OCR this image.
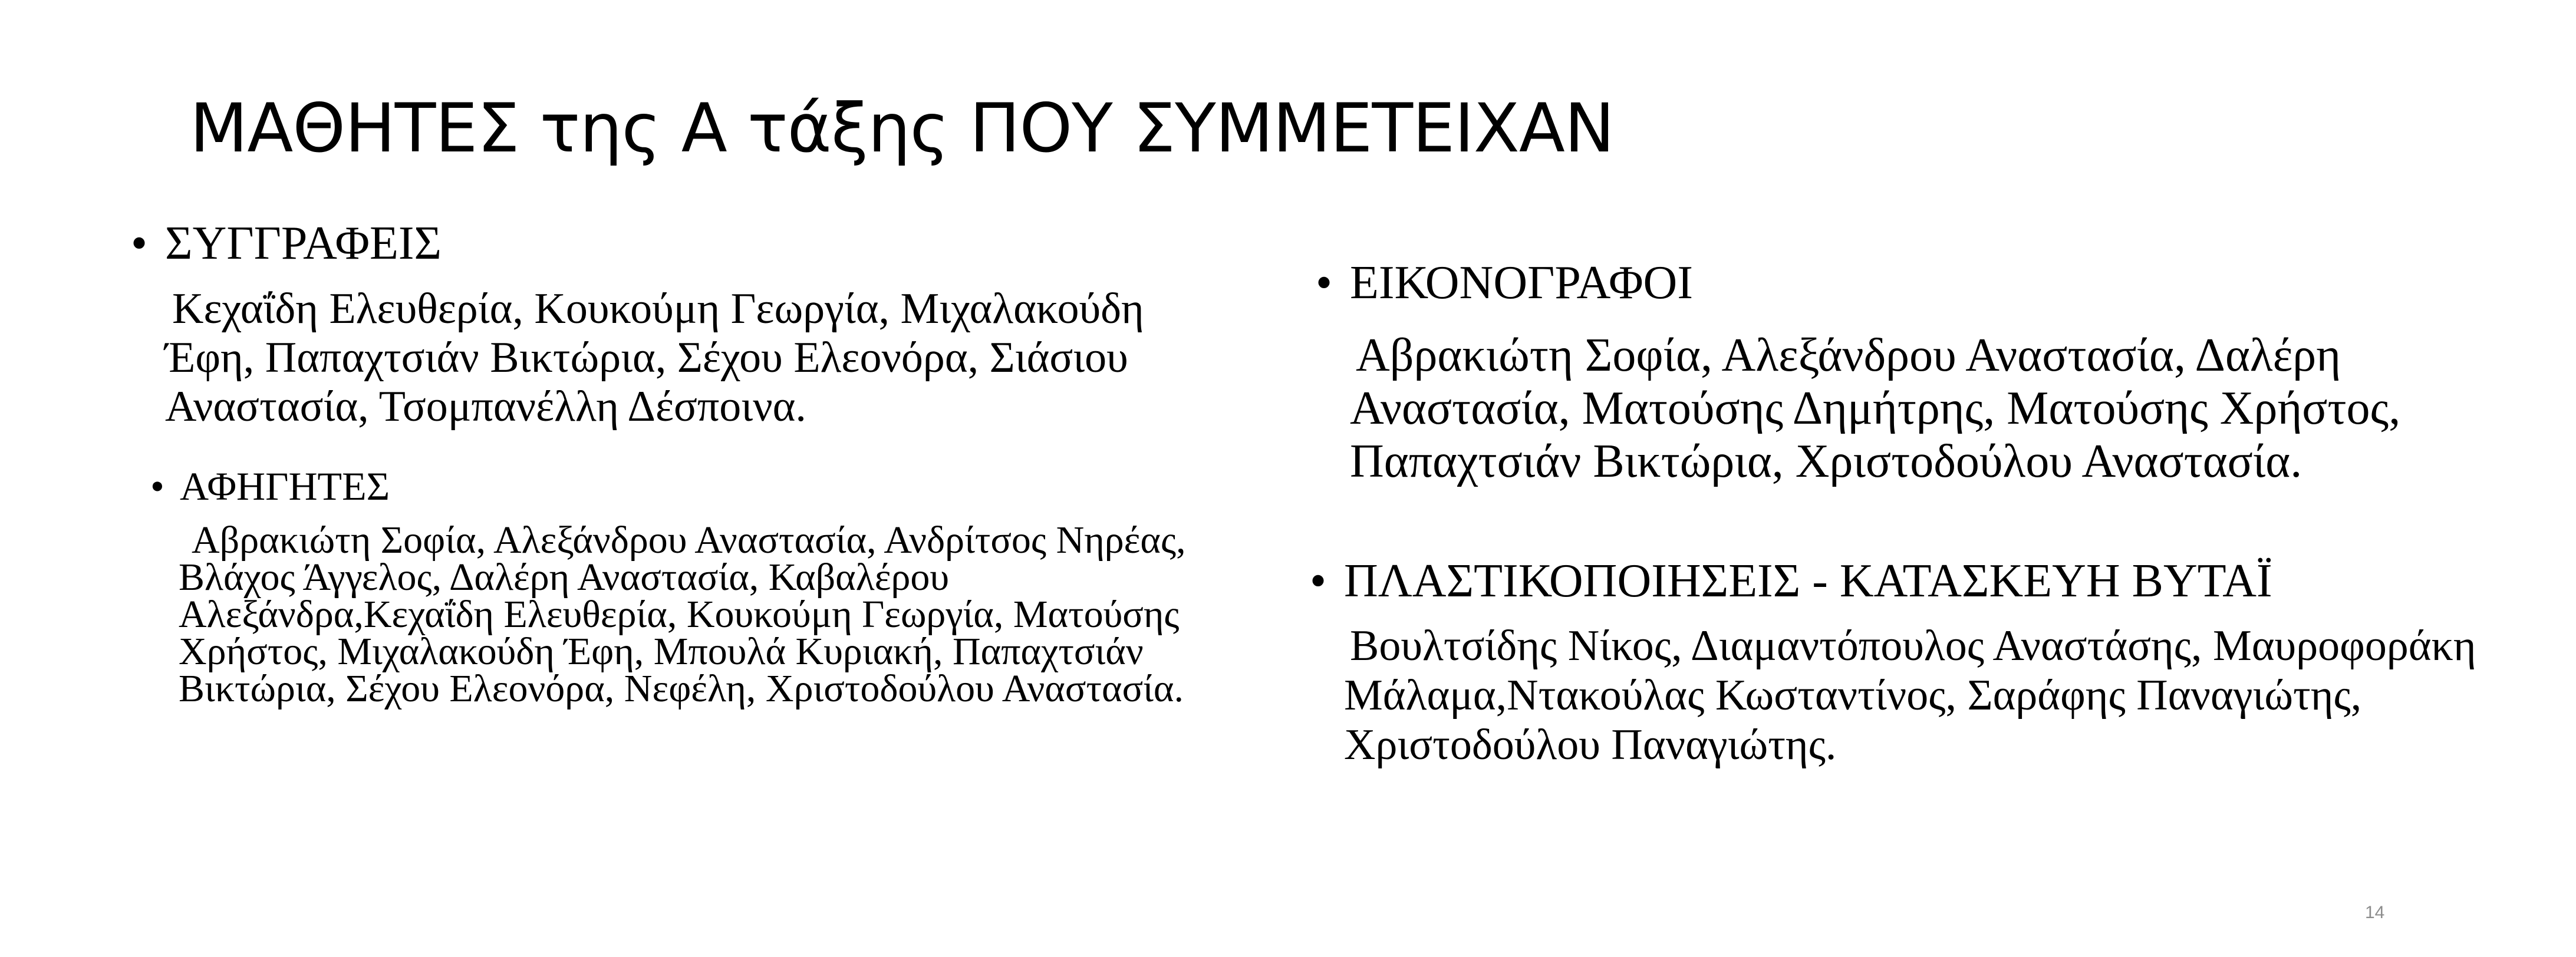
ΜΑΘΗΤΕΣ της Α τάξης ΠΟΥ ΣΥΜΜΕΤΕΙΧΑΝ
• ΣΥΓΓΡΑΦΕΙΣ
Κεχαΐδη Ελευθερία, Κουκούμη Γεωργία, Μιχαλακούδη Έφη, Παπαχτσιάν Βικτώρια, Σέχου Ελεονόρα, Σιάσιου Αναστασία, Τσομπανέλλη Δέσποινα.
• ΑΦΗΓΗΤΕΣ
Αβρακιώτη Σοφία, Αλεξάνδρου Αναστασία, Ανδρίτσος Νηρέας, Βλάχος Άγγελος, Δαλέρη Αναστασία, Καβαλέρου Αλεξάνδρα,Κεχαΐδη Ελευθερία, Κουκούμη Γεωργία, Ματούσης Χρήστος, Μιχαλακούδη Έφη, Μπουλά Κυριακή, Παπαχτσιάν Βικτώρια, Σέχου Ελεονόρα, Νεφέλη, Χριστοδούλου Αναστασία.
• ΕΙΚΟΝΟΓΡΑΦΟΙ
Αβρακιώτη Σοφία, Αλεξάνδρου Αναστασία, Δαλέρη Αναστασία, Ματούσης Δημήτρης, Ματούσης Χρήστος, Παπαχτσιάν Βικτώρια, Χριστοδούλου Αναστασία.
• ΠΛΑΣΤΙΚΟΠΟΙΗΣΕΙΣ - ΚΑΤΑΣΚΕΥΗ ΒΥΤΑΪ
Βουλτσίδης Νίκος, Διαμαντόπουλος Αναστάσης, Μαυροφοράκη Μάλαμα,Ντακούλας Κωσταντίνος, Σαράφης Παναγιώτης, Χριστοδούλου Παναγιώτης.
14
